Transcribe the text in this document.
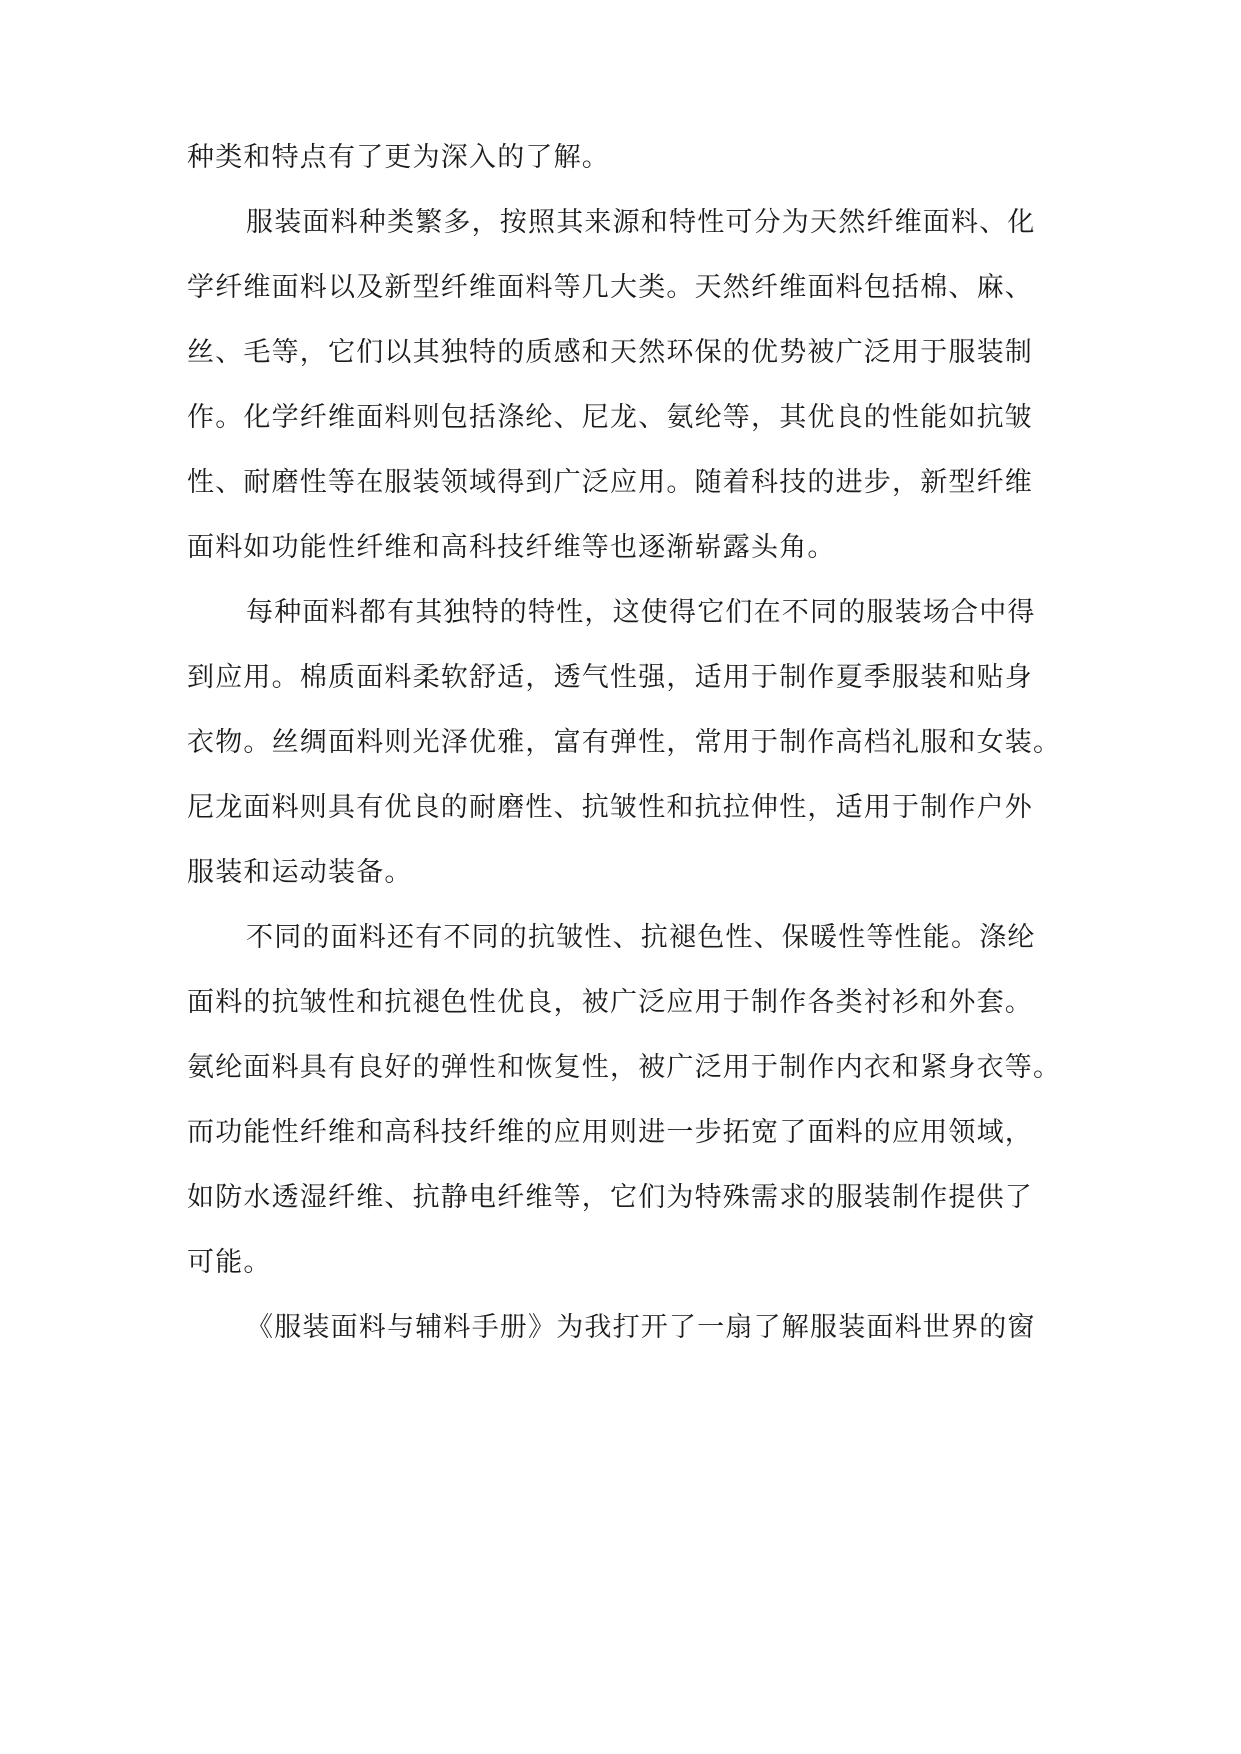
种类和特点有了更为深入的了解。
服装面料种类繁多，按照其来源和特性可分为天然纤维面料、化
学纤维面料以及新型纤维面料等几大类。天然纤维面料包括棉、麻、
丝、毛等，它们以其独特的质感和天然环保的优势被广泛用于服装制
作。化学纤维面料则包括涤纶、尼龙、氨纶等，其优良的性能如抗皱
性、耐磨性等在服装领域得到广泛应用。随着科技的进步，新型纤维
面料如功能性纤维和高科技纤维等也逐渐崭露头角。
每种面料都有其独特的特性，这使得它们在不同的服装场合中得
到应用。棉质面料柔软舒适，透气性强，适用于制作夏季服装和贴身
衣物。丝绸面料则光泽优雅，富有弹性，常用于制作高档礼服和女装。
尼龙面料则具有优良的耐磨性、抗皱性和抗拉伸性，适用于制作户外
服装和运动装备。
不同的面料还有不同的抗皱性、抗褪色性、保暖性等性能。涤纶
面料的抗皱性和抗褪色性优良，被广泛应用于制作各类衬衫和外套。
氨纶面料具有良好的弹性和恢复性，被广泛用于制作内衣和紧身衣等。
而功能性纤维和高科技纤维的应用则进一步拓宽了面料的应用领域，
如防水透湿纤维、抗静电纤维等，它们为特殊需求的服装制作提供了
可能。
《服装面料与辅料手册》为我打开了一扇了解服装面料世界的窗
